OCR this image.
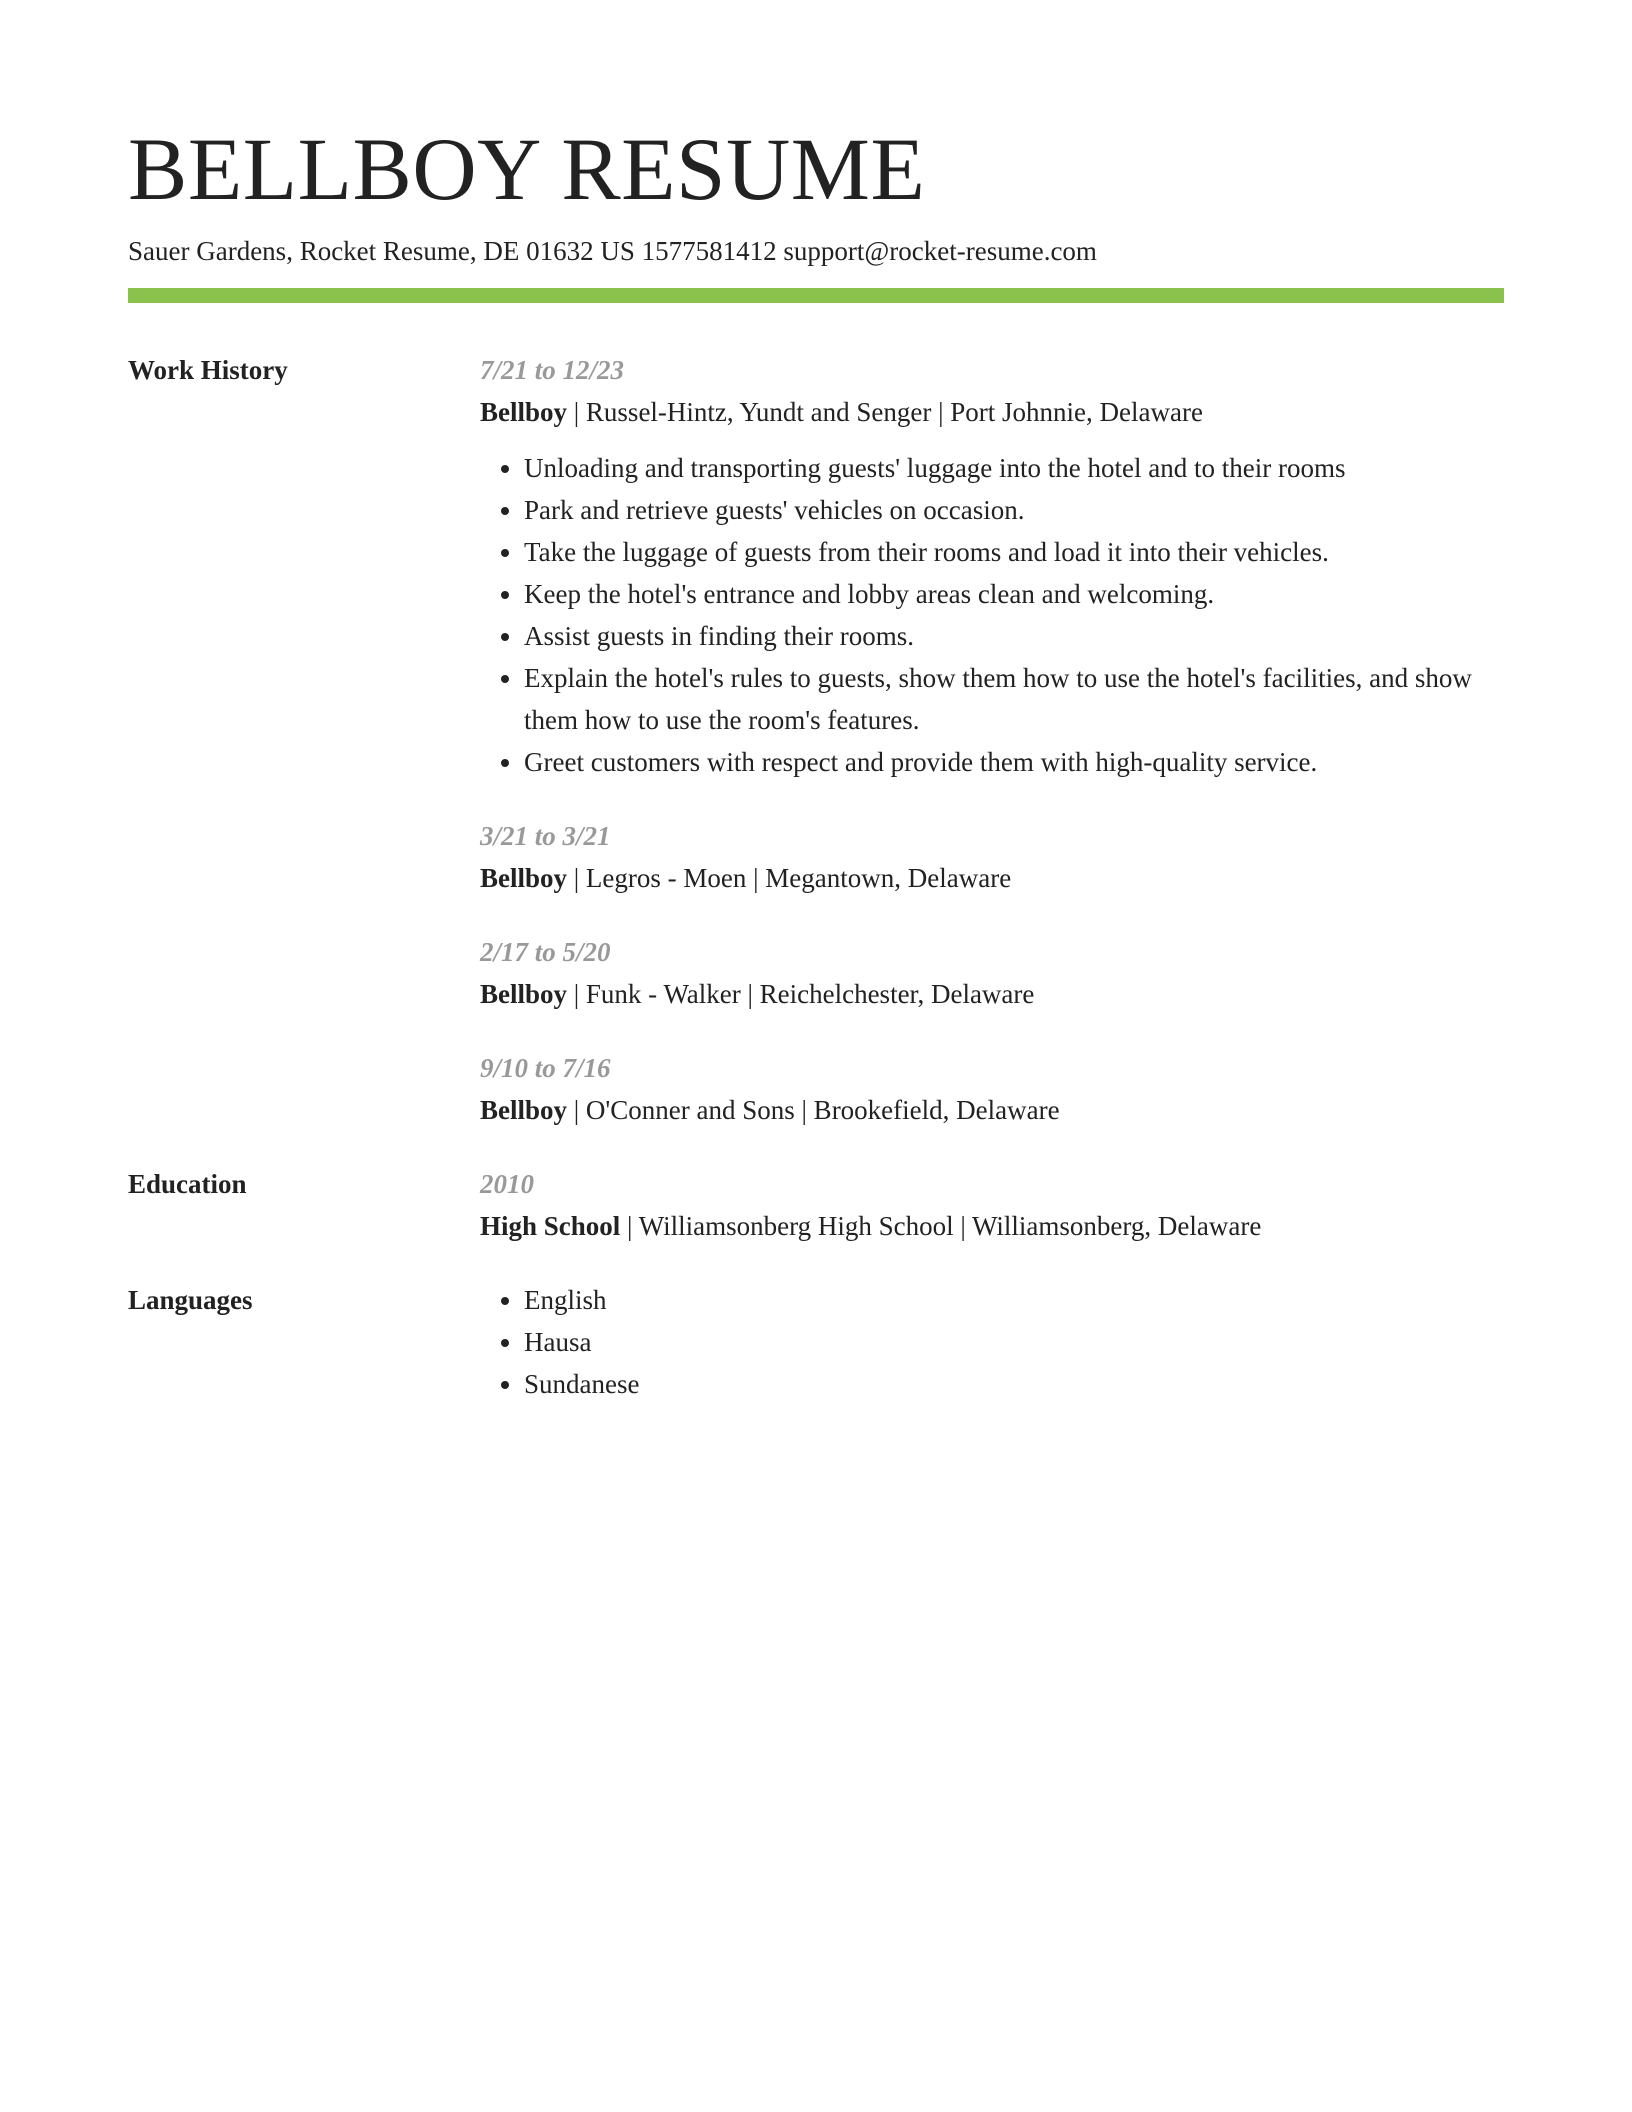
BELLBOY RESUME
Sauer Gardens, Rocket Resume, DE 01632 US 1577581412 support@rocket-resume.com
Work History	7/21 to 12/23
Bellboy | Russel-Hintz, Yundt and Senger | Port Johnnie, Delaware
• Unloading and transporting guests' luggage into the hotel and to their rooms
• Park and retrieve guests' vehicles on occasion.
• Take the luggage of guests from their rooms and load it into their vehicles.
• Keep the hotel's entrance and lobby areas clean and welcoming.
• Assist guests in finding their rooms.
• Explain the hotel's rules to guests, show them how to use the hotel's facilities, and show them how to use the room's features.
• Greet customers with respect and provide them with high-quality service.
3/21 to 3/21
Bellboy | Legros - Moen | Megantown, Delaware
2/17 to 5/20
Bellboy | Funk - Walker | Reichelchester, Delaware
9/10 to 7/16
Bellboy | O'Conner and Sons | Brookefield, Delaware
Education	2010
High School | Williamsonberg High School | Williamsonberg, Delaware
Languages
•	English
• Hausa
• Sundanese
